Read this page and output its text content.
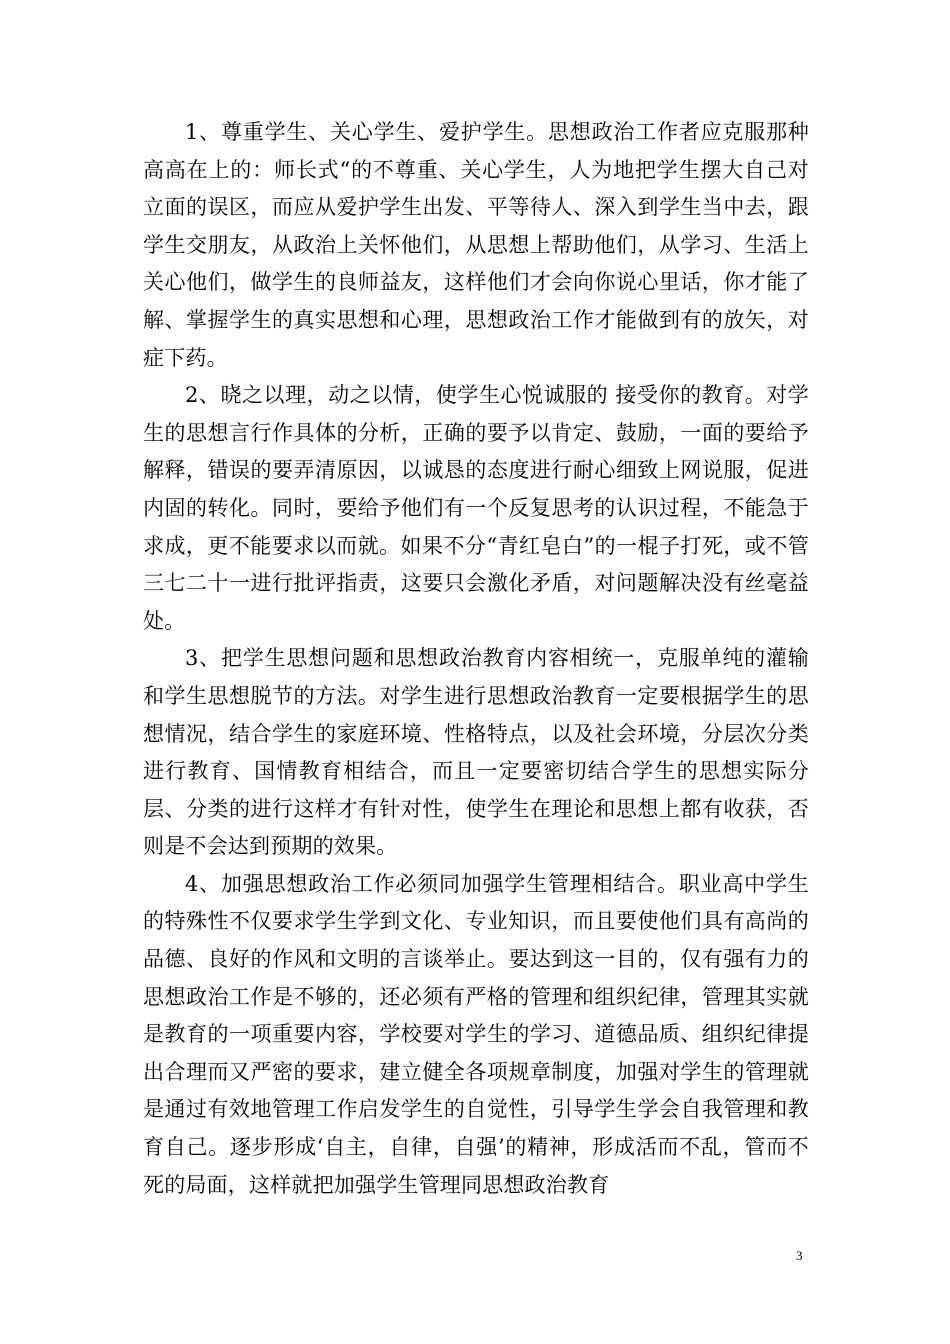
1、尊重学生、关心学生、爱护学生。思想政治工作者应克服那种高高在上的：师长式“的不尊重、关心学生，人为地把学生摆大自己对立面的误区，而应从爱护学生出发、平等待人、深入到学生当中去，跟学生交朋友，从政治上关怀他们，从思想上帮助他们，从学习、生活上关心他们，做学生的良师益友，这样他们才会向你说心里话，你才能了解、掌握学生的真实思想和心理，思想政治工作才能做到有的放矢，对症下药。

2、晓之以理，动之以情，使学生心悦诚服的 接受你的教育。对学生的思想言行作具体的分析，正确的要予以肯定、鼓励，一面的要给予解释，错误的要弄清原因，以诚恳的态度进行耐心细致上网说服，促进内固的转化。同时，要给予他们有一个反复思考的认识过程，不能急于求成，更不能要求以而就。如果不分“青红皂白”的一棍子打死，或不管三七二十一进行批评指责，这要只会激化矛盾，对问题解决没有丝毫益处。

3、把学生思想问题和思想政治教育内容相统一，克服单纯的灌输和学生思想脱节的方法。对学生进行思想政治教育一定要根据学生的思想情况，结合学生的家庭环境、性格特点，以及社会环境，分层次分类进行教育、国情教育相结合，而且一定要密切结合学生的思想实际分层、分类的进行这样才有针对性，使学生在理论和思想上都有收获，否则是不会达到预期的效果。

4、加强思想政治工作必须同加强学生管理相结合。职业高中学生的特殊性不仅要求学生学到文化、专业知识，而且要使他们具有高尚的品德、良好的作风和文明的言谈举止。要达到这一目的，仅有强有力的思想政治工作是不够的，还必须有严格的管理和组织纪律，管理其实就是教育的一项重要内容，学校要对学生的学习、道德品质、组织纪律提出合理而又严密的要求，建立健全各项规章制度，加强对学生的管理就是通过有效地管理工作启发学生的自觉性，引导学生学会自我管理和教育自己。逐步形成‘自主，自律，自强’的精神，形成活而不乱，管而不死的局面，这样就把加强学生管理同思想政治教育

3
